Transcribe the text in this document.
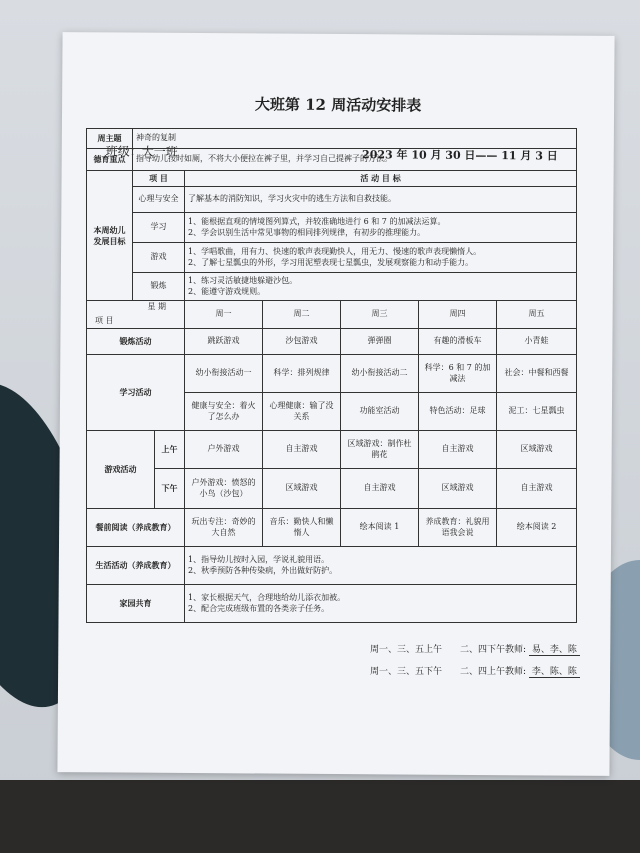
大班第 12 周活动安排表
班级：大一班	2023 年 10 月 30 日—— 11 月 3 日
周主题	神奇的复制						
德育重点	指导幼儿按时如厕，不将大小便拉在裤子里，并学习自己提裤子的方法。						
本周幼儿发展目标	项 目		活 动 目 标				
	心理与安全		了解基本的消防知识，学习火灾中的逃生方法和自救技能。				
	学习		1、能根据直观的情境图列算式，并较准确地进行 6 和 7 的加减法运算。
2、学会识别生活中常见事物的相同排列规律，有初步的推理能力。				
	游戏		1、学唱歌曲，用有力、快速的歌声表现勤快人，用无力、慢速的歌声表现懒惰人。
2、了解七星瓢虫的外形，学习用泥塑表现七星瓢虫，发展观察能力和动手能力。				
	锻炼		1、练习灵活敏捷地躲避沙包。
2、能遵守游戏规则。				

星 期
项 目			周一	周二	周三	周四	周五
锻炼活动			跳跃游戏	沙包游戏	弹弹圈	有趣的滑板车	小青蛙
学习活动			幼小衔接活动一	科学：排列规律	幼小衔接活动二	科学：6 和 7 的加减法	社会：中餐和西餐
			健康与安全：着火了怎么办	心理健康：输了没关系	功能室活动	特色活动：足球	泥工：七星瓢虫
游戏活动		上午	户外游戏	自主游戏	区域游戏：制作杜鹃花	自主游戏	区域游戏
		下午	户外游戏：愤怒的小鸟（沙包）	区域游戏	自主游戏	区域游戏	自主游戏
餐前阅读（养成教育）			玩出专注：奇妙的大自然	音乐：勤快人和懒惰人	绘本阅读 1	养成教育：礼貌用语我会说	绘本阅读 2
生活活动（养成教育）			1、指导幼儿按时入园，学说礼貌用语。
2、秋季预防各种传染病，外出做好防护。				
家园共育			1、家长根据天气，合理地给幼儿添衣加被。
2、配合完成班级布置的各类亲子任务。				
周一、三、五上午　　二、四下午教师: 易、李、陈
周一、三、五下午　　二、四上午教师: 李、陈、陈
